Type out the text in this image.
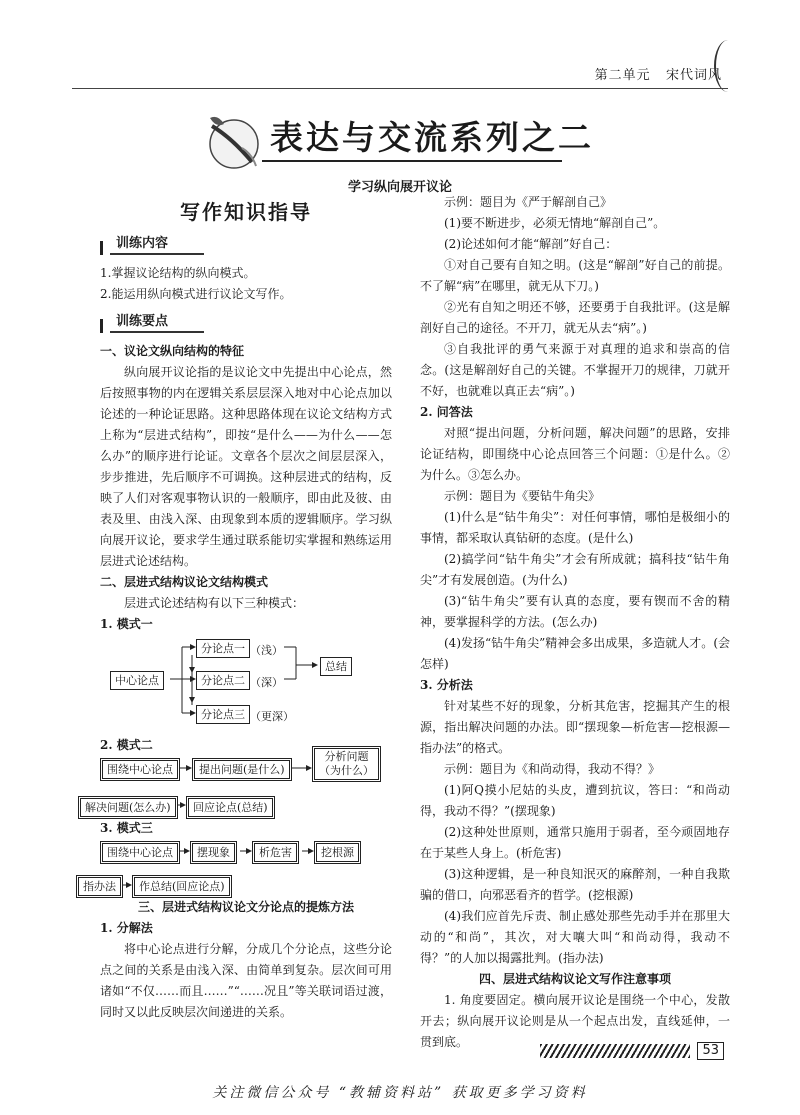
第二单元 宋代词风
表达与交流系列之二
学习纵向展开议论
写作知识指导
训练内容

1.掌握议论结构的纵向模式。

2.能运用纵向模式进行议论文写作。

训练要点

一、议论文纵向结构的特征

纵向展开议论指的是议论文中先提出中心论点，然后按照事物的内在逻辑关系层层深入地对中心论点加以论述的一种论证思路。这种思路体现在议论文结构方式上称为“层进式结构”，即按“是什么——为什么——怎么办”的顺序进行论证。文章各个层次之间层层深入，步步推进，先后顺序不可调换。这种层进式的结构，反映了人们对客观事物认识的一般顺序，即由此及彼、由表及里、由浅入深、由现象到本质的逻辑顺序。学习纵向展开议论，要求学生通过联系能切实掌握和熟练运用层进式论述结构。

二、层进式结构议论文结构模式

层进式论述结构有以下三种模式：

1. 模式一

中心论点
分论点一
分论点二
分论点三
（浅）
（深）
（更深）
总结

2. 模式二

围绕中心论点	提出问题(是什么)
分析问题
（为什么）
解决问题(怎么办)	回应论点(总结)

3. 模式三

围绕中心论点	摆现象	析危害	挖根源
指办法	作总结(回应论点)

三、层进式结构议论文分论点的提炼方法

1. 分解法

将中心论点进行分解，分成几个分论点，这些分论点之间的关系是由浅入深、由简单到复杂。层次间可用诸如“不仅……而且……”“……况且”等关联词语过渡，同时又以此反映层次间递进的关系。

示例：题目为《严于解剖自己》

(1)要不断进步，必须无情地“解剖自己”。

(2)论述如何才能“解剖”好自己：

①对自己要有自知之明。(这是“解剖”好自己的前提。不了解“病”在哪里，就无从下刀。)

②光有自知之明还不够，还要勇于自我批评。(这是解剖好自己的途径。不开刀，就无从去“病”。)

③自我批评的勇气来源于对真理的追求和崇高的信念。(这是解剖好自己的关键。不掌握开刀的规律，刀就开不好，也就难以真正去“病”。)

2. 问答法

对照“提出问题，分析问题，解决问题”的思路，安排论证结构，即围绕中心论点回答三个问题：①是什么。②为什么。③怎么办。

示例：题目为《要钻牛角尖》

(1)什么是“钻牛角尖”：对任何事情，哪怕是极细小的事情，都采取认真钻研的态度。(是什么)

(2)搞学问“钻牛角尖”才会有所成就；搞科技“钻牛角尖”才有发展创造。(为什么)

(3)“钻牛角尖”要有认真的态度，要有锲而不舍的精神，要掌握科学的方法。(怎么办)

(4)发扬“钻牛角尖”精神会多出成果，多造就人才。(会怎样)

3. 分析法

针对某些不好的现象，分析其危害，挖掘其产生的根源，指出解决问题的办法。即“摆现象—析危害—挖根源—指办法”的格式。

示例：题目为《和尚动得，我动不得？》

(1)阿Q摸小尼姑的头皮，遭到抗议，答曰：“和尚动得，我动不得？”(摆现象)

(2)这种处世原则，通常只施用于弱者，至今顽固地存在于某些人身上。(析危害)

(3)这种逻辑，是一种良知泯灭的麻醉剂，一种自我欺骗的借口，向邪恶看齐的哲学。(挖根源)

(4)我们应首先斥责、制止感处那些先动手并在那里大动的“和尚”，其次，对大嚷大叫“和尚动得，我动不得？”的人加以揭露批判。(指办法)

四、层进式结构议论文写作注意事项

1. 角度要固定。横向展开议论是围绕一个中心，发散开去；纵向展开议论则是从一个起点出发，直线延伸，一贯到底。

53
关注微信公众号 “教辅资料站” 获取更多学习资料
